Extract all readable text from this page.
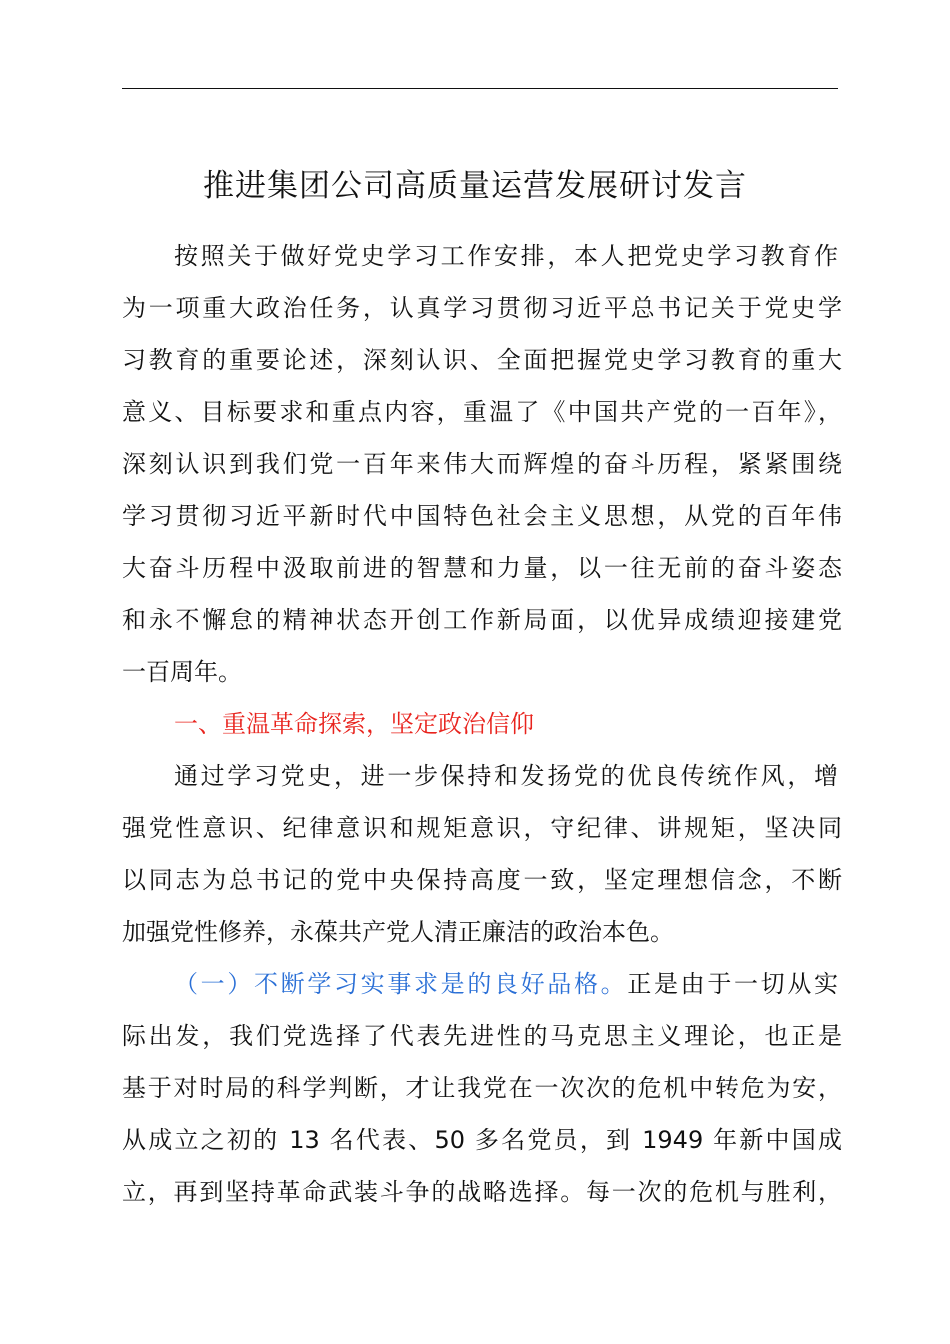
推进集团公司高质量运营发展研讨发言
按照关于做好党史学习工作安排，本人把党史学习教育作
为一项重大政治任务，认真学习贯彻习近平总书记关于党史学
习教育的重要论述，深刻认识、全面把握党史学习教育的重大
意义、目标要求和重点内容，重温了《中国共产党的一百年》，
深刻认识到我们党一百年来伟大而辉煌的奋斗历程，紧紧围绕
学习贯彻习近平新时代中国特色社会主义思想，从党的百年伟
大奋斗历程中汲取前进的智慧和力量，以一往无前的奋斗姿态
和永不懈怠的精神状态开创工作新局面，以优异成绩迎接建党
一百周年。
一、重温革命探索，坚定政治信仰
通过学习党史，进一步保持和发扬党的优良传统作风，增
强党性意识、纪律意识和规矩意识，守纪律、讲规矩，坚决同
以同志为总书记的党中央保持高度一致，坚定理想信念，不断
加强党性修养，永葆共产党人清正廉洁的政治本色。
（一）不断学习实事求是的良好品格。正是由于一切从实
际出发，我们党选择了代表先进性的马克思主义理论，也正是
基于对时局的科学判断，才让我党在一次次的危机中转危为安，
从成立之初的 13 名代表、50 多名党员，到 1949 年新中国成
立，再到坚持革命武装斗争的战略选择。每一次的危机与胜利，
